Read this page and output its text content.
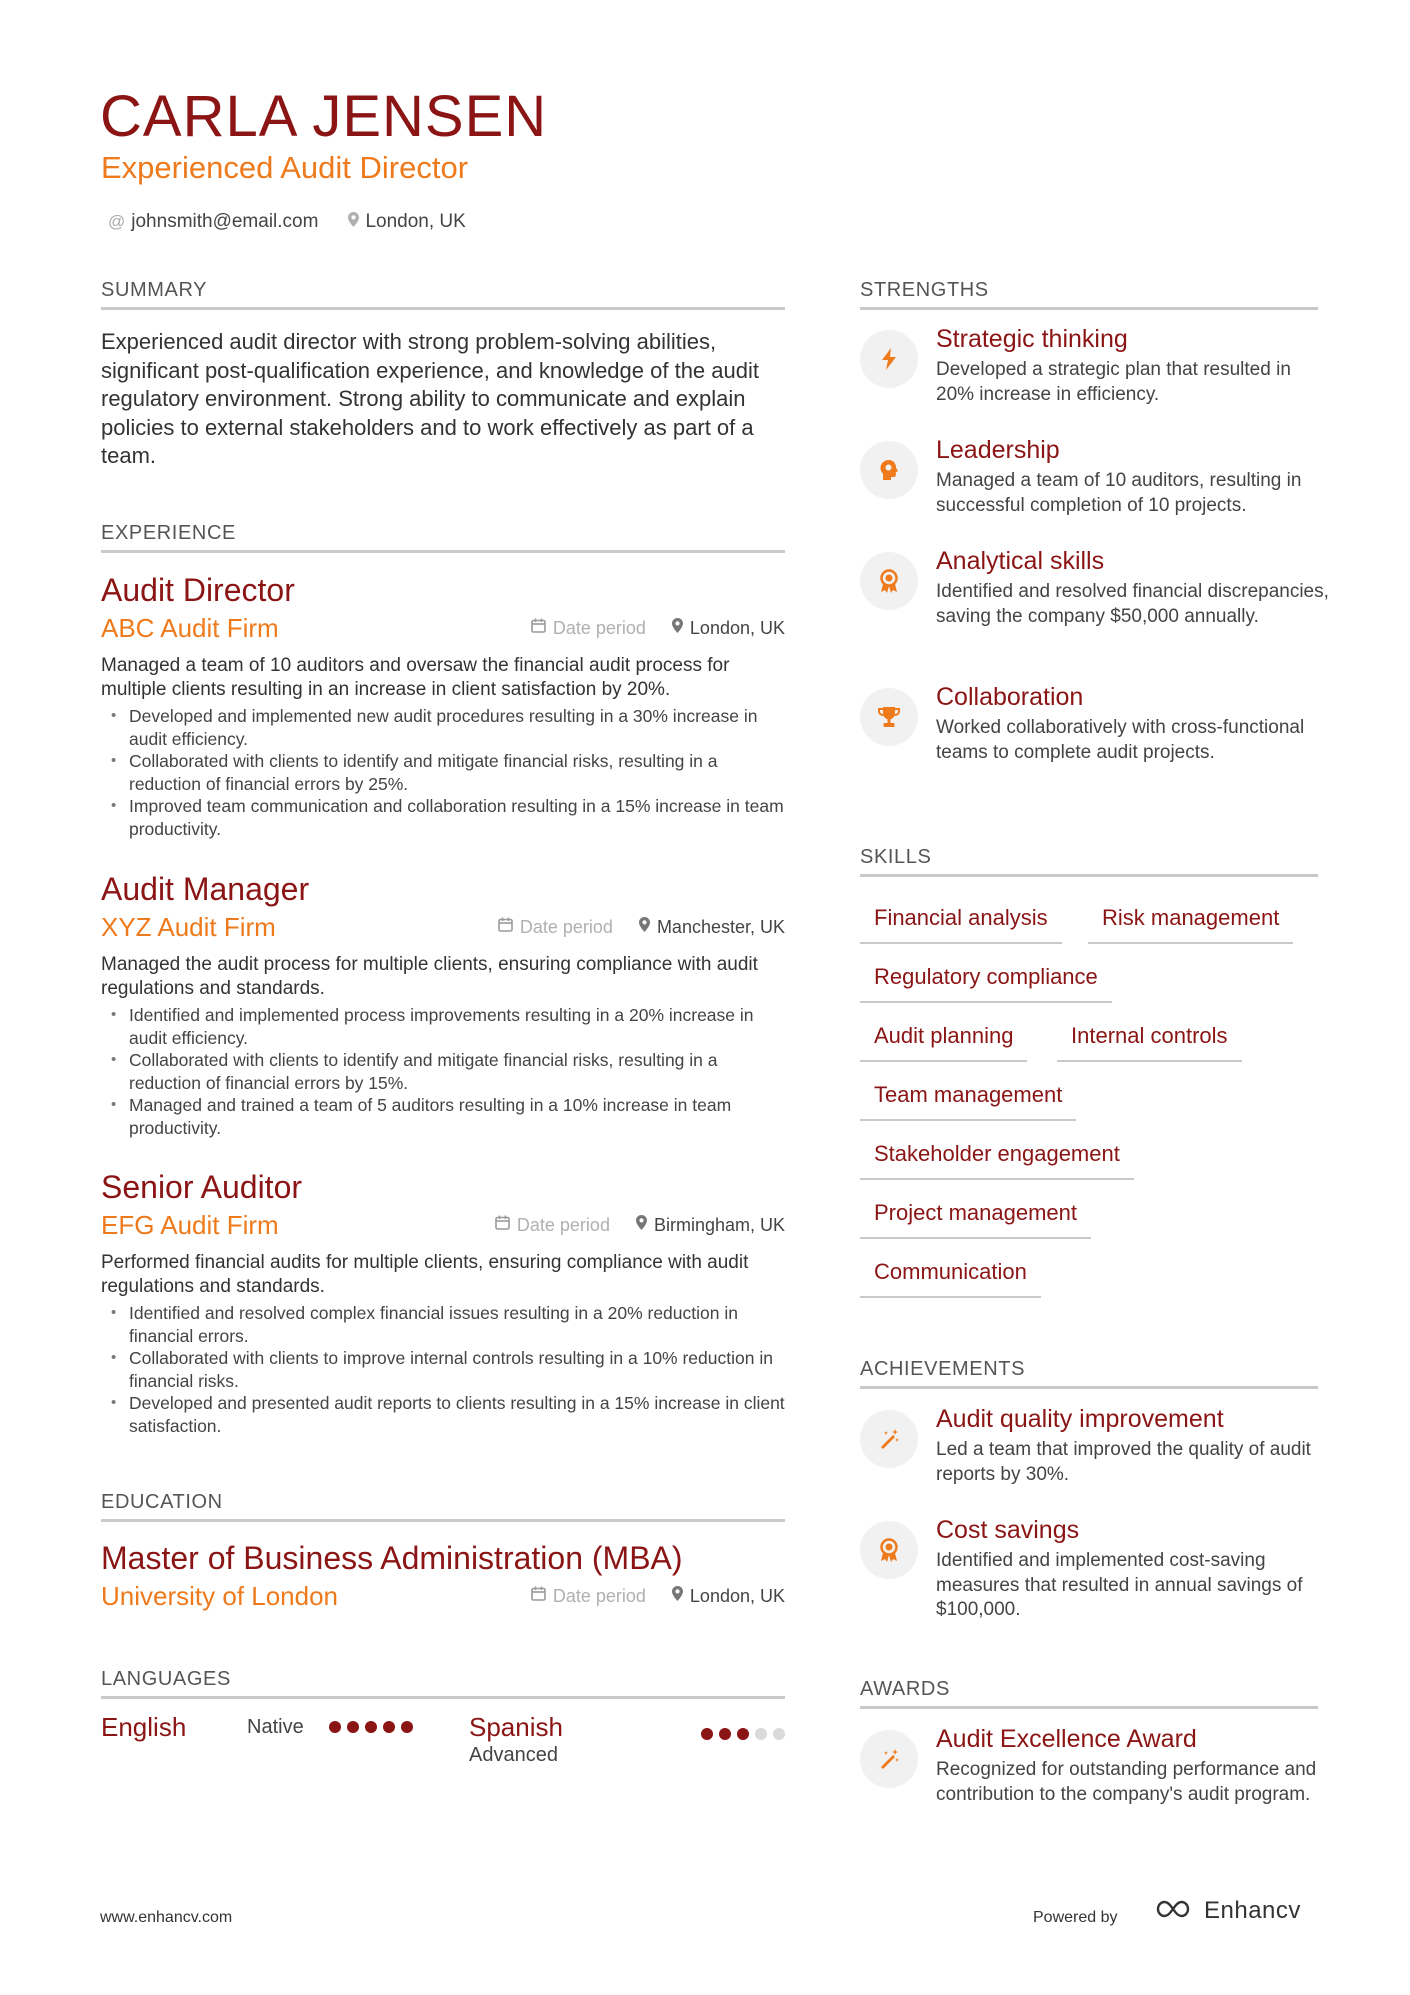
CARLA JENSEN
Experienced Audit Director
@ johnsmith@email.com London, UK
SUMMARY
Experienced audit director with strong problem-solving abilities, significant post-qualification experience, and knowledge of the audit regulatory environment. Strong ability to communicate and explain policies to external stakeholders and to work effectively as part of a team.
EXPERIENCE
Audit Director
ABC Audit Firm	Date period London, UK
Managed a team of 10 auditors and oversaw the financial audit process for multiple clients resulting in an increase in client satisfaction by 20%.
• Developed and implemented new audit procedures resulting in a 30% increase in audit efficiency.
• Collaborated with clients to identify and mitigate financial risks, resulting in a reduction of financial errors by 25%.
• Improved team communication and collaboration resulting in a 15% increase in team productivity.
Audit Manager
XYZ Audit Firm	Date period Manchester, UK
Managed the audit process for multiple clients, ensuring compliance with audit regulations and standards.
• Identified and implemented process improvements resulting in a 20% increase in audit efficiency.
• Collaborated with clients to identify and mitigate financial risks, resulting in a reduction of financial errors by 15%.
• Managed and trained a team of 5 auditors resulting in a 10% increase in team productivity.
Senior Auditor
EFG Audit Firm	Date period Birmingham, UK
Performed financial audits for multiple clients, ensuring compliance with audit regulations and standards.
• Identified and resolved complex financial issues resulting in a 20% reduction in financial errors.
• Collaborated with clients to improve internal controls resulting in a 10% reduction in financial risks.
• Developed and presented audit reports to clients resulting in a 15% increase in client satisfaction.
EDUCATION
Master of Business Administration (MBA)
University of London	Date period London, UK
LANGUAGES
English	Native	Spanish
Advanced
STRENGTHS
Strategic thinking
Developed a strategic plan that resulted in 20% increase in efficiency.
Leadership
Managed a team of 10 auditors, resulting in successful completion of 10 projects.
Analytical skills
Identified and resolved financial discrepancies, saving the company $50,000 annually.
Collaboration
Worked collaboratively with cross-functional teams to complete audit projects.
SKILLS
Financial analysis	Risk management
Regulatory compliance
Audit planning	Internal controls
Team management
Stakeholder engagement
Project management
Communication
ACHIEVEMENTS
Audit quality improvement
Led a team that improved the quality of audit reports by 30%.
Cost savings
Identified and implemented cost-saving measures that resulted in annual savings of $100,000.
AWARDS
Audit Excellence Award
Recognized for outstanding performance and contribution to the company's audit program.
www.enhancv.com	Powered by	Enhancv
